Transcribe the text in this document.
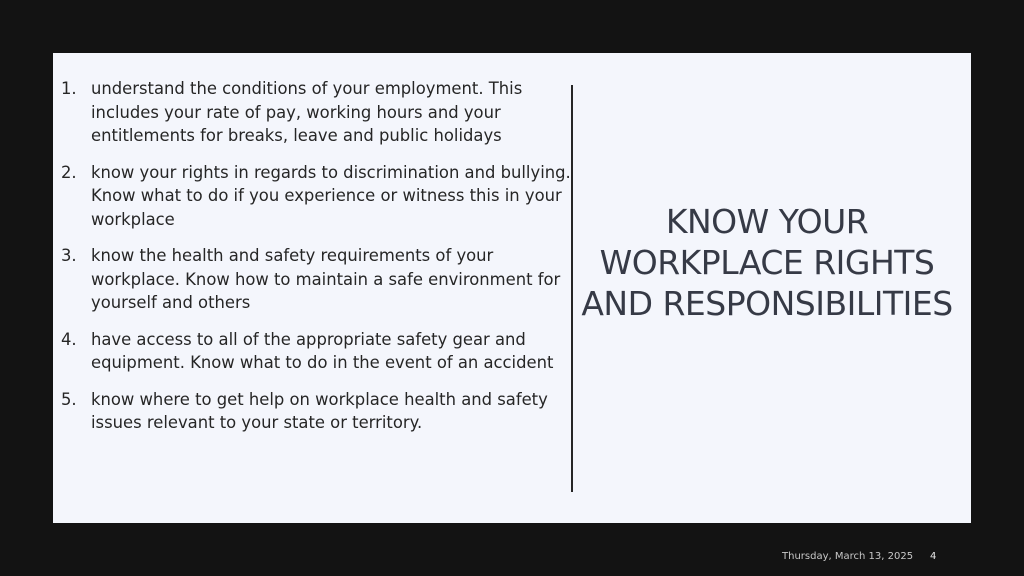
1. understand the conditions of your employment. This includes your rate of pay, working hours and your entitlements for breaks, leave and public holidays
2. know your rights in regards to discrimination and bullying. Know what to do if you experience or witness this in your workplace
3. know the health and safety requirements of your workplace. Know how to maintain a safe environment for yourself and others
4. have access to all of the appropriate safety gear and equipment. Know what to do in the event of an accident
5. know where to get help on workplace health and safety issues relevant to your state or territory.
KNOW YOUR WORKPLACE RIGHTS AND RESPONSIBILITIES
Thursday, March 13, 2025 4
